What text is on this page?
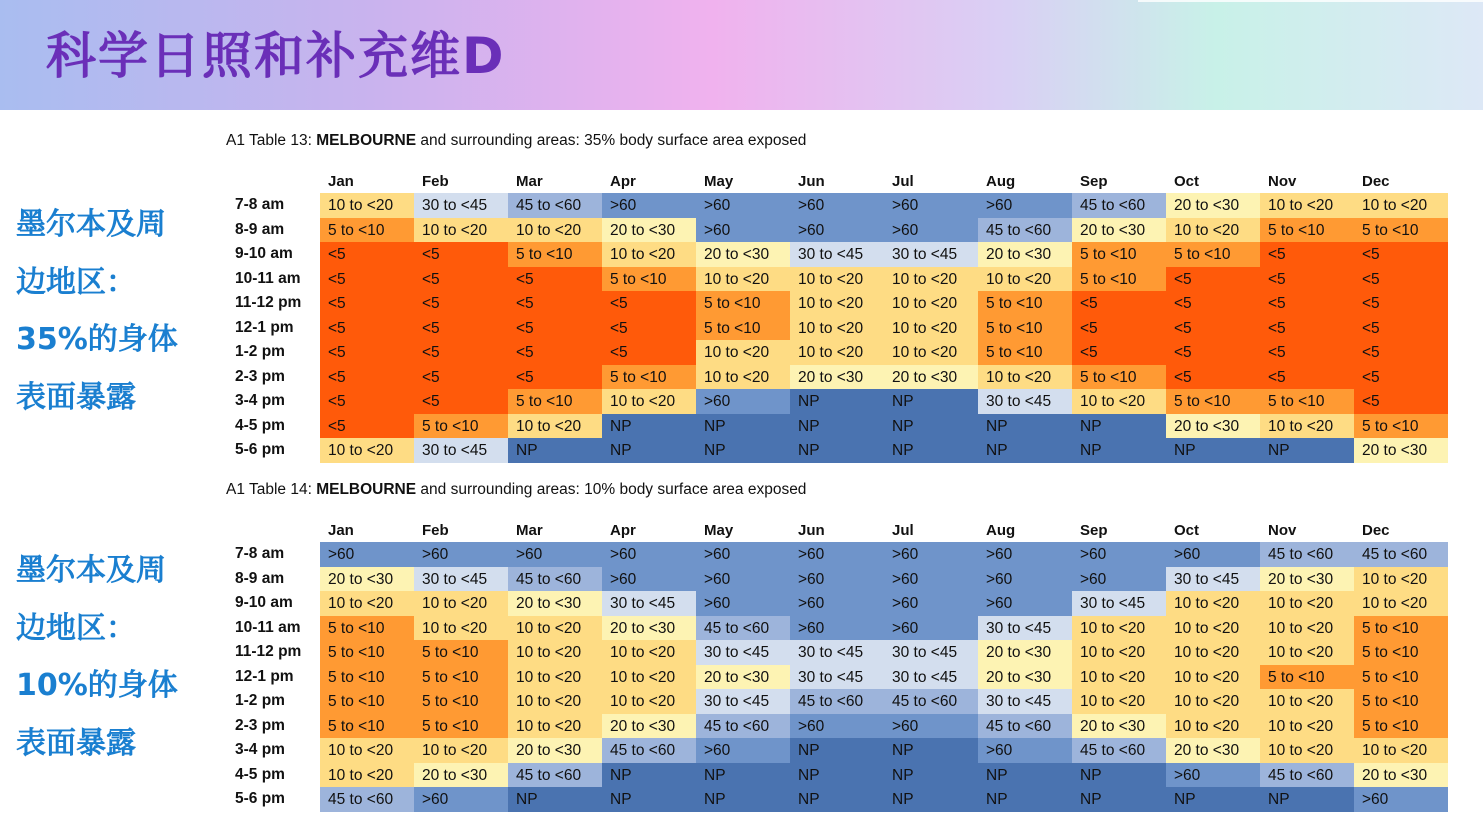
科学日照和补充维D
墨尔本及周
边地区：
35%的身体
表面暴露
墨尔本及周
边地区：
10%的身体
表面暴露
A1 Table 13: MELBOURNE and surrounding areas: 35% body surface area exposed
Jan	Feb	Mar	Apr	May	Jun	Jul	Aug	Sep	Oct	Nov	Dec
7-8 am	10 to <20	30 to <45	45 to <60	>60	>60	>60	>60	>60	45 to <60	20 to <30	10 to <20	10 to <20
8-9 am	5 to <10	10 to <20	10 to <20	20 to <30	>60	>60	>60	45 to <60	20 to <30	10 to <20	5 to <10	5 to <10
9-10 am	<5	<5	5 to <10	10 to <20	20 to <30	30 to <45	30 to <45	20 to <30	5 to <10	5 to <10	<5	<5
10-11 am	<5	<5	<5	5 to <10	10 to <20	10 to <20	10 to <20	10 to <20	5 to <10	<5	<5	<5
11-12 pm	<5	<5	<5	<5	5 to <10	10 to <20	10 to <20	5 to <10	<5	<5	<5	<5
12-1 pm	<5	<5	<5	<5	5 to <10	10 to <20	10 to <20	5 to <10	<5	<5	<5	<5
1-2 pm	<5	<5	<5	<5	10 to <20	10 to <20	10 to <20	5 to <10	<5	<5	<5	<5
2-3 pm	<5	<5	<5	5 to <10	10 to <20	20 to <30	20 to <30	10 to <20	5 to <10	<5	<5	<5
3-4 pm	<5	<5	5 to <10	10 to <20	>60	NP	NP	30 to <45	10 to <20	5 to <10	5 to <10	<5
4-5 pm	<5	5 to <10	10 to <20	NP	NP	NP	NP	NP	NP	20 to <30	10 to <20	5 to <10
5-6 pm	10 to <20	30 to <45	NP	NP	NP	NP	NP	NP	NP	NP	NP	20 to <30
A1 Table 14: MELBOURNE and surrounding areas: 10% body surface area exposed
Jan	Feb	Mar	Apr	May	Jun	Jul	Aug	Sep	Oct	Nov	Dec
7-8 am	>60	>60	>60	>60	>60	>60	>60	>60	>60	>60	45 to <60	45 to <60
8-9 am	20 to <30	30 to <45	45 to <60	>60	>60	>60	>60	>60	>60	30 to <45	20 to <30	10 to <20
9-10 am	10 to <20	10 to <20	20 to <30	30 to <45	>60	>60	>60	>60	30 to <45	10 to <20	10 to <20	10 to <20
10-11 am	5 to <10	10 to <20	10 to <20	20 to <30	45 to <60	>60	>60	30 to <45	10 to <20	10 to <20	10 to <20	5 to <10
11-12 pm	5 to <10	5 to <10	10 to <20	10 to <20	30 to <45	30 to <45	30 to <45	20 to <30	10 to <20	10 to <20	10 to <20	5 to <10
12-1 pm	5 to <10	5 to <10	10 to <20	10 to <20	20 to <30	30 to <45	30 to <45	20 to <30	10 to <20	10 to <20	5 to <10	5 to <10
1-2 pm	5 to <10	5 to <10	10 to <20	10 to <20	30 to <45	45 to <60	45 to <60	30 to <45	10 to <20	10 to <20	10 to <20	5 to <10
2-3 pm	5 to <10	5 to <10	10 to <20	20 to <30	45 to <60	>60	>60	45 to <60	20 to <30	10 to <20	10 to <20	5 to <10
3-4 pm	10 to <20	10 to <20	20 to <30	45 to <60	>60	NP	NP	>60	45 to <60	20 to <30	10 to <20	10 to <20
4-5 pm	10 to <20	20 to <30	45 to <60	NP	NP	NP	NP	NP	NP	>60	45 to <60	20 to <30
5-6 pm	45 to <60	>60	NP	NP	NP	NP	NP	NP	NP	NP	NP	>60
